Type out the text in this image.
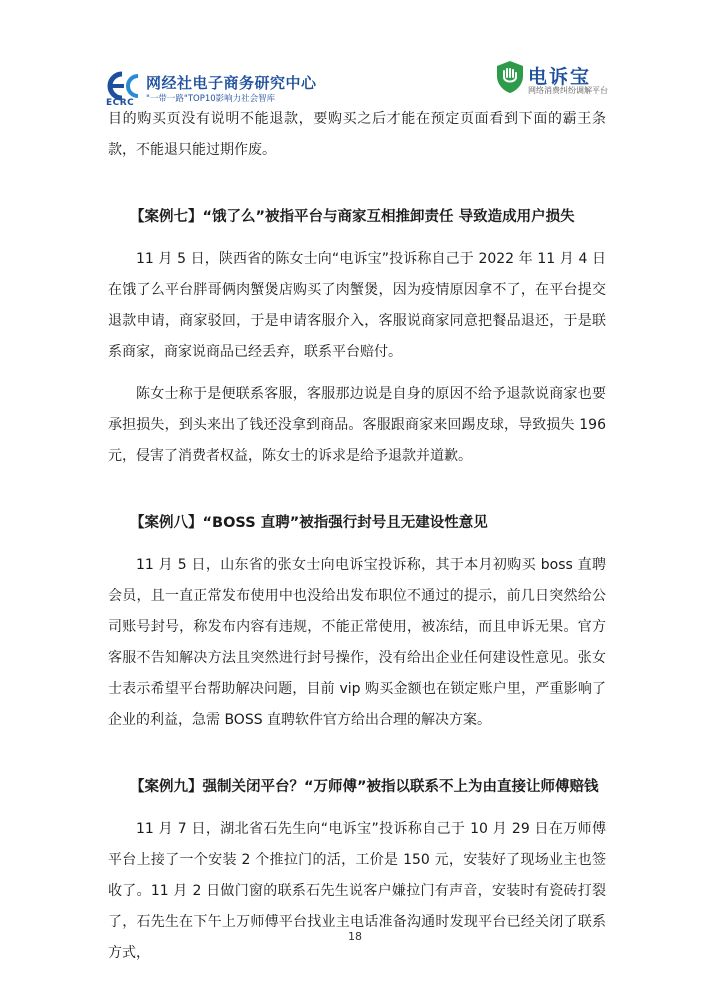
ECRC
网经社电子商务研究中心
"一带一路"TOP10影响力社会智库
电诉宝
网络消费纠纷调解平台

目的购买页没有说明不能退款，要购买之后才能在预定页面看到下面的霸王条款，不能退只能过期作废。

【案例七】“饿了么”被指平台与商家互相推卸责任 导致造成用户损失

11 月 5 日，陕西省的陈女士向“电诉宝”投诉称自己于 2022 年 11 月 4 日在饿了么平台胖哥俩肉蟹煲店购买了肉蟹煲，因为疫情原因拿不了，在平台提交退款申请，商家驳回，于是申请客服介入，客服说商家同意把餐品退还，于是联系商家，商家说商品已经丢弃，联系平台赔付。

陈女士称于是便联系客服，客服那边说是自身的原因不给予退款说商家也要承担损失，到头来出了钱还没拿到商品。客服跟商家来回踢皮球，导致损失 196 元，侵害了消费者权益，陈女士的诉求是给予退款并道歉。

【案例八】“BOSS 直聘”被指强行封号且无建设性意见

11 月 5 日，山东省的张女士向电诉宝投诉称，其于本月初购买 boss 直聘会员，且一直正常发布使用中也没给出发布职位不通过的提示，前几日突然给公司账号封号，称发布内容有违规，不能正常使用，被冻结，而且申诉无果。官方客服不告知解决方法且突然进行封号操作，没有给出企业任何建设性意见。张女士表示希望平台帮助解决问题，目前 vip 购买金额也在锁定账户里，严重影响了企业的利益，急需 BOSS 直聘软件官方给出合理的解决方案。

【案例九】强制关闭平台？“万师傅”被指以联系不上为由直接让师傅赔钱

11 月 7 日，湖北省石先生向“电诉宝”投诉称自己于 10 月 29 日在万师傅平台上接了一个安装 2 个推拉门的活，工价是 150 元，安装好了现场业主也签收了。11 月 2 日做门窗的联系石先生说客户嫌拉门有声音，安装时有瓷砖打裂了，石先生在下午上万师傅平台找业主电话准备沟通时发现平台已经关闭了联系方式，

18
